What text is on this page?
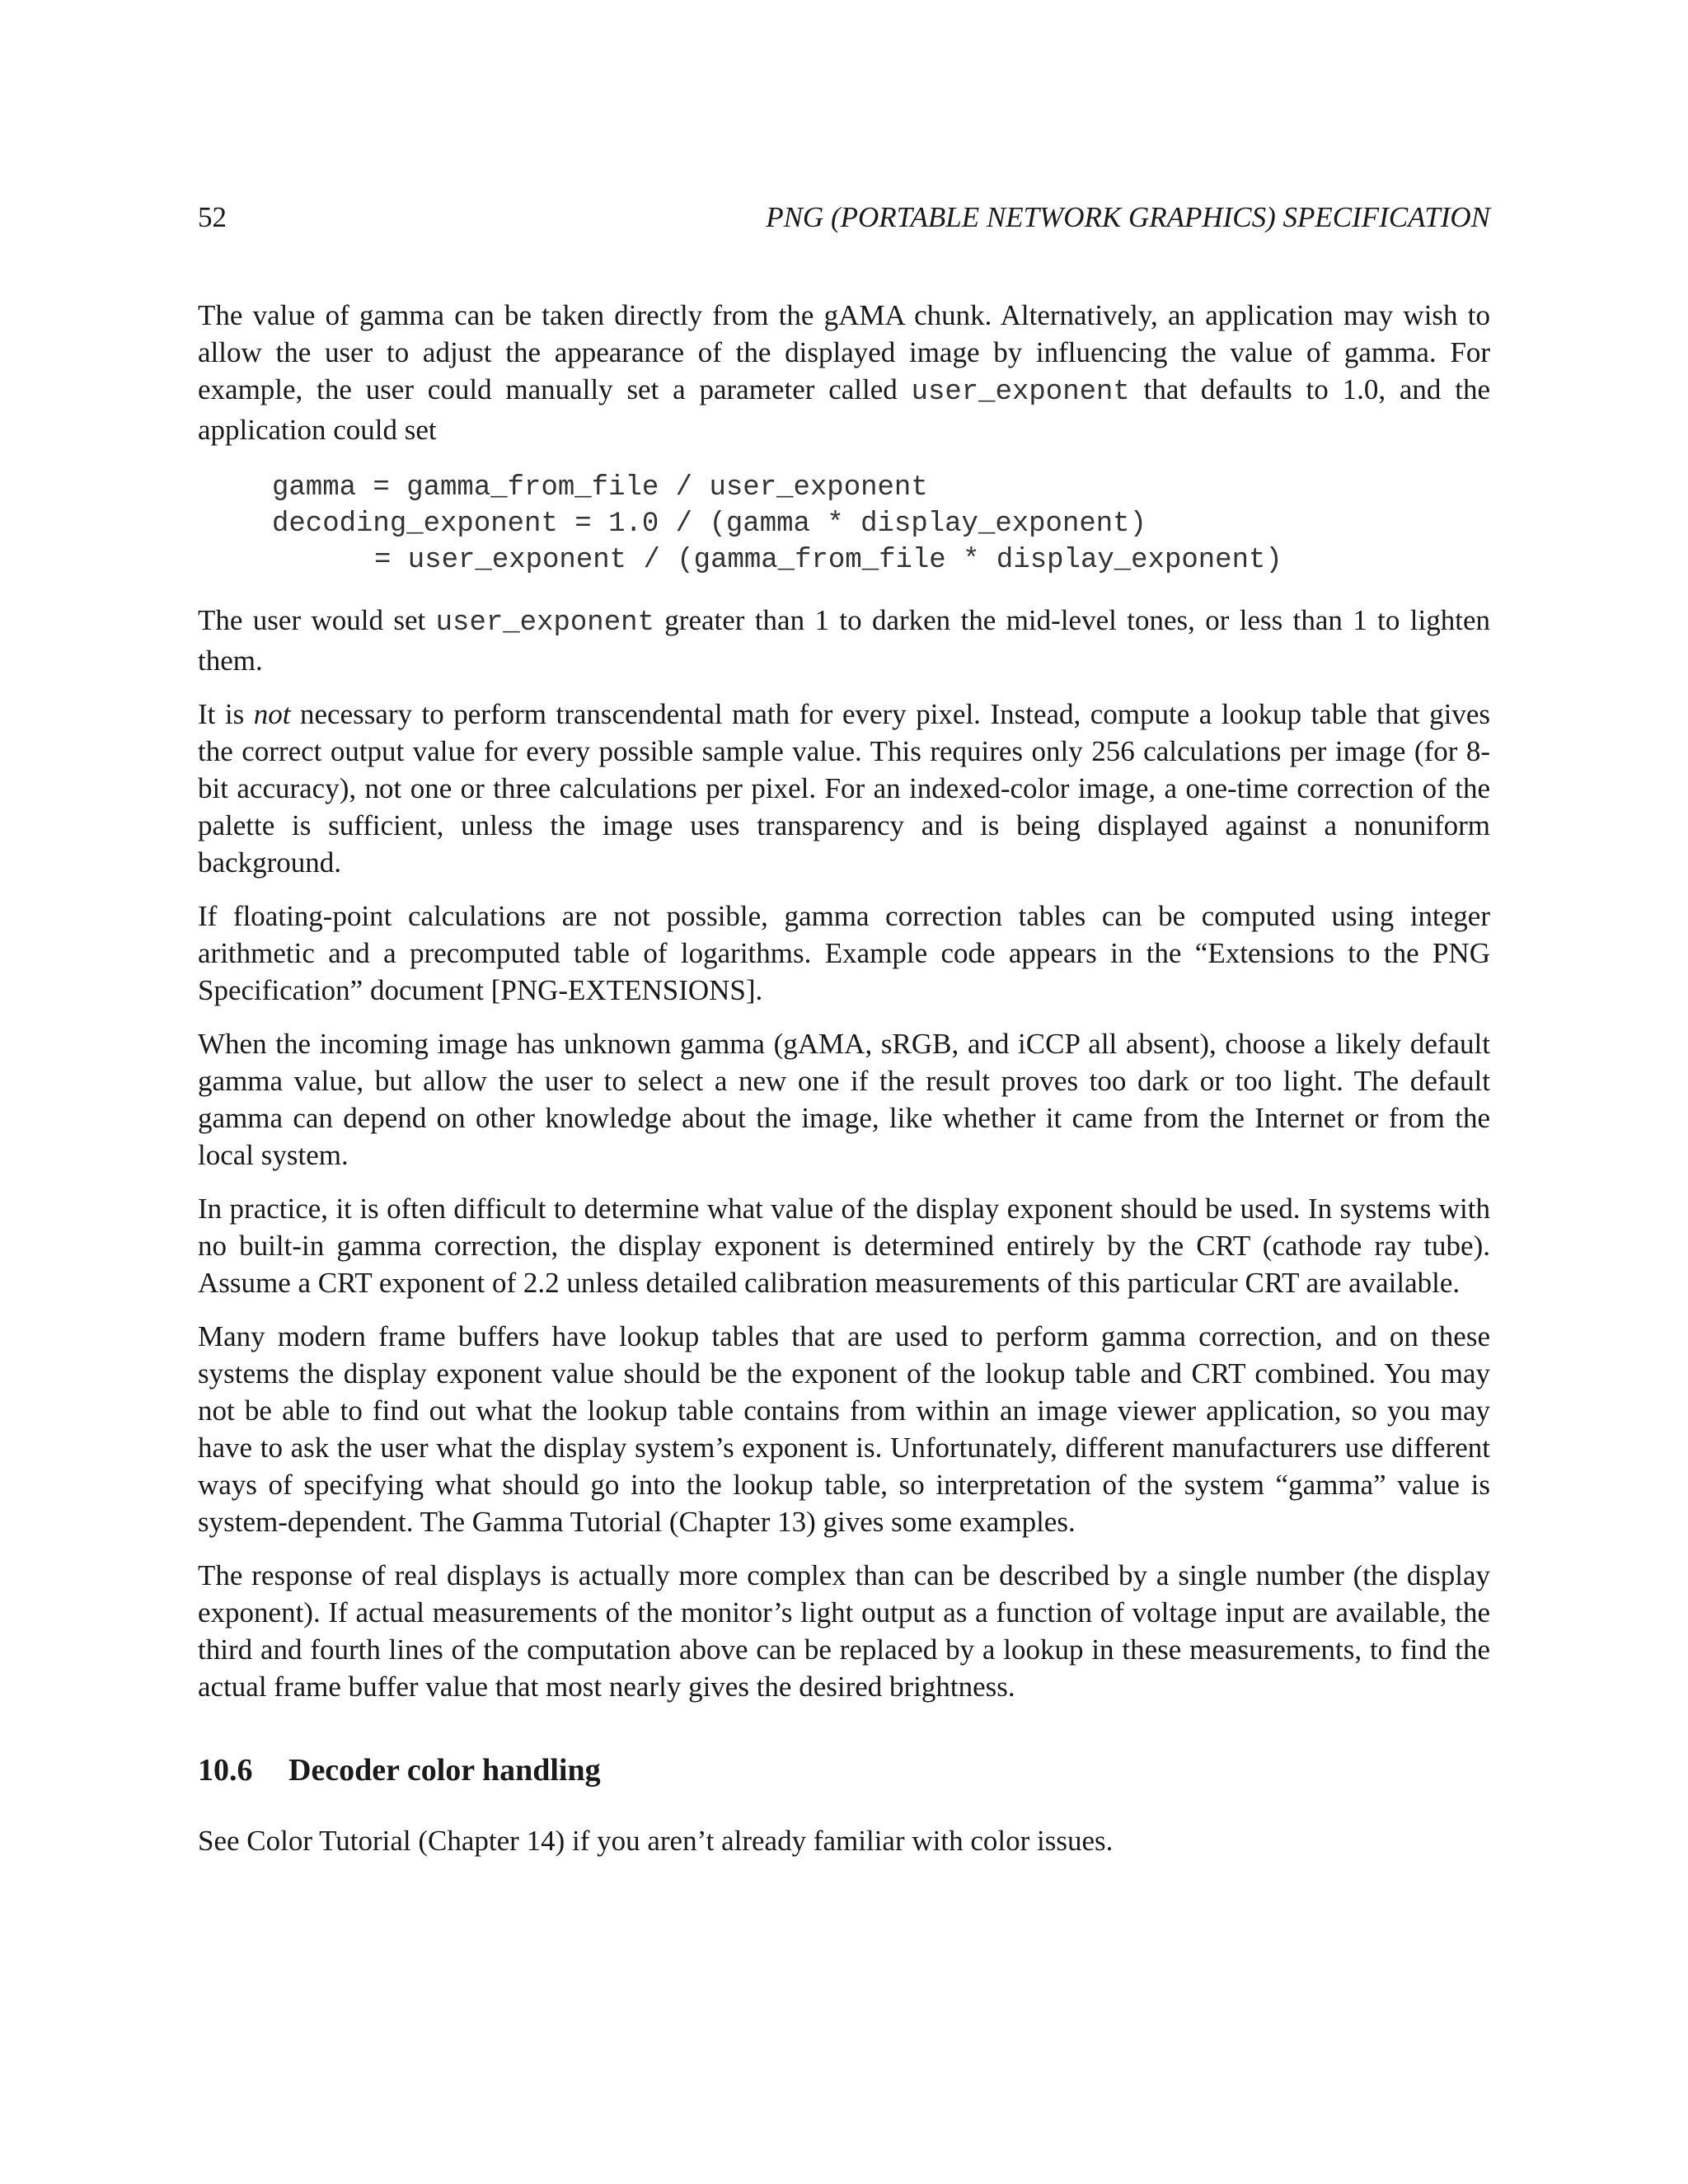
52	PNG (PORTABLE NETWORK GRAPHICS) SPECIFICATION

The value of gamma can be taken directly from the gAMA chunk. Alternatively, an application may wish to allow the user to adjust the appearance of the displayed image by influencing the value of gamma. For example, the user could manually set a parameter called user_exponent that defaults to 1.0, and the application could set

gamma = gamma_from_file / user_exponent
decoding_exponent = 1.0 / (gamma * display_exponent)
= user_exponent / (gamma_from_file * display_exponent)

The user would set user_exponent greater than 1 to darken the mid-level tones, or less than 1 to lighten them.

It is not necessary to perform transcendental math for every pixel. Instead, compute a lookup table that gives the correct output value for every possible sample value. This requires only 256 calculations per image (for 8-bit accuracy), not one or three calculations per pixel. For an indexed-color image, a one-time correction of the palette is sufficient, unless the image uses transparency and is being displayed against a nonuniform background.

If floating-point calculations are not possible, gamma correction tables can be computed using integer arithmetic and a precomputed table of logarithms. Example code appears in the “Extensions to the PNG Specification” document [PNG-EXTENSIONS].

When the incoming image has unknown gamma (gAMA, sRGB, and iCCP all absent), choose a likely default gamma value, but allow the user to select a new one if the result proves too dark or too light. The default gamma can depend on other knowledge about the image, like whether it came from the Internet or from the local system.

In practice, it is often difficult to determine what value of the display exponent should be used. In systems with no built-in gamma correction, the display exponent is determined entirely by the CRT (cathode ray tube). Assume a CRT exponent of 2.2 unless detailed calibration measurements of this particular CRT are available.

Many modern frame buffers have lookup tables that are used to perform gamma correction, and on these systems the display exponent value should be the exponent of the lookup table and CRT combined. You may not be able to find out what the lookup table contains from within an image viewer application, so you may have to ask the user what the display system’s exponent is. Unfortunately, different manufacturers use different ways of specifying what should go into the lookup table, so interpretation of the system “gamma” value is system-dependent. The Gamma Tutorial (Chapter 13) gives some examples.

The response of real displays is actually more complex than can be described by a single number (the display exponent). If actual measurements of the monitor’s light output as a function of voltage input are available, the third and fourth lines of the computation above can be replaced by a lookup in these measurements, to find the actual frame buffer value that most nearly gives the desired brightness.

10.6 Decoder color handling

See Color Tutorial (Chapter 14) if you aren’t already familiar with color issues.
